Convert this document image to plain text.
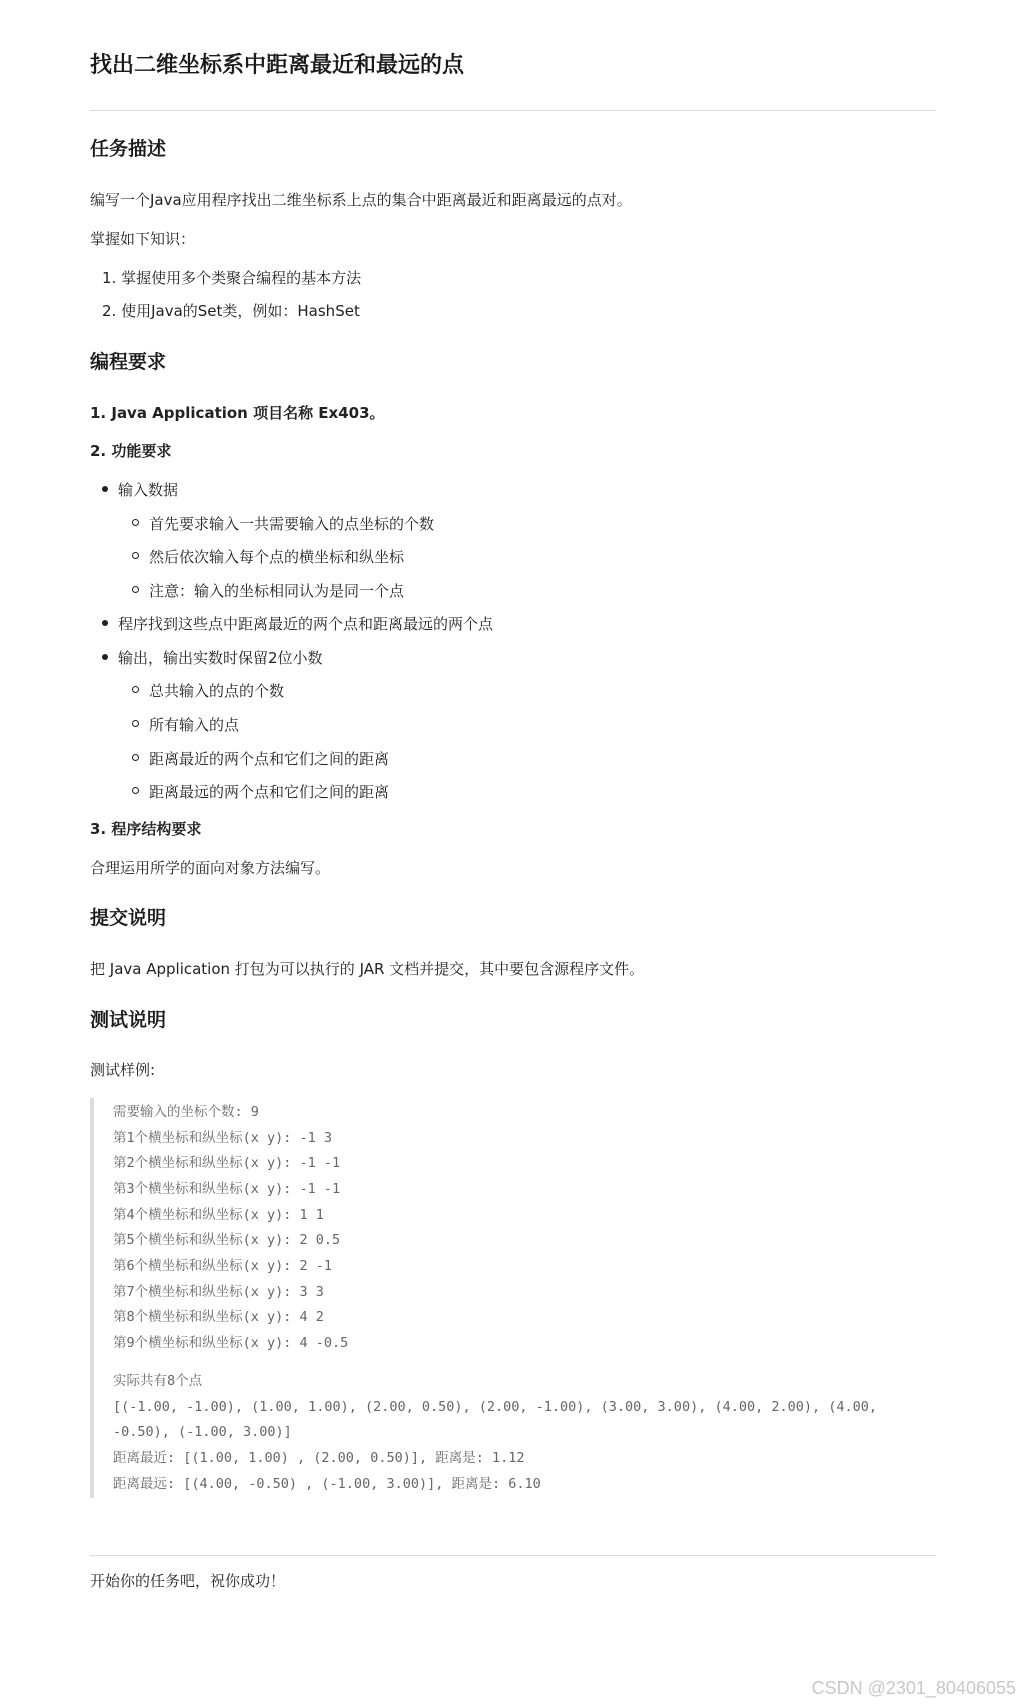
找出二维坐标系中距离最近和最远的点
任务描述

编写一个Java应用程序找出二维坐标系上点的集合中距离最近和距离最远的点对。

掌握如下知识：

1. 掌握使用多个类聚合编程的基本方法

2. 使用Java的Set类，例如：HashSet

编程要求

1. Java Application 项目名称 Ex403。

2. 功能要求

输入数据

首先要求输入一共需要输入的点坐标的个数

然后依次输入每个点的横坐标和纵坐标

注意：输入的坐标相同认为是同一个点

程序找到这些点中距离最近的两个点和距离最远的两个点

输出，输出实数时保留2位小数

总共输入的点的个数

所有输入的点

距离最近的两个点和它们之间的距离

距离最远的两个点和它们之间的距离

3. 程序结构要求

合理运用所学的面向对象方法编写。

提交说明

把 Java Application 打包为可以执行的 JAR 文档并提交，其中要包含源程序文件。

测试说明

测试样例:

需要输入的坐标个数: 9
第1个横坐标和纵坐标(x y): -1 3
第2个横坐标和纵坐标(x y): -1 -1
第3个横坐标和纵坐标(x y): -1 -1
第4个横坐标和纵坐标(x y): 1 1
第5个横坐标和纵坐标(x y): 2 0.5
第6个横坐标和纵坐标(x y): 2 -1
第7个横坐标和纵坐标(x y): 3 3
第8个横坐标和纵坐标(x y): 4 2
第9个横坐标和纵坐标(x y): 4 -0.5
实际共有8个点
[(-1.00, -1.00), (1.00, 1.00), (2.00, 0.50), (2.00, -1.00), (3.00, 3.00), (4.00, 2.00), (4.00,
-0.50), (-1.00, 3.00)]
距离最近: [(1.00, 1.00) , (2.00, 0.50)], 距离是: 1.12
距离最远: [(4.00, -0.50) , (-1.00, 3.00)], 距离是: 6.10

开始你的任务吧，祝你成功！

CSDN @2301_80406055
